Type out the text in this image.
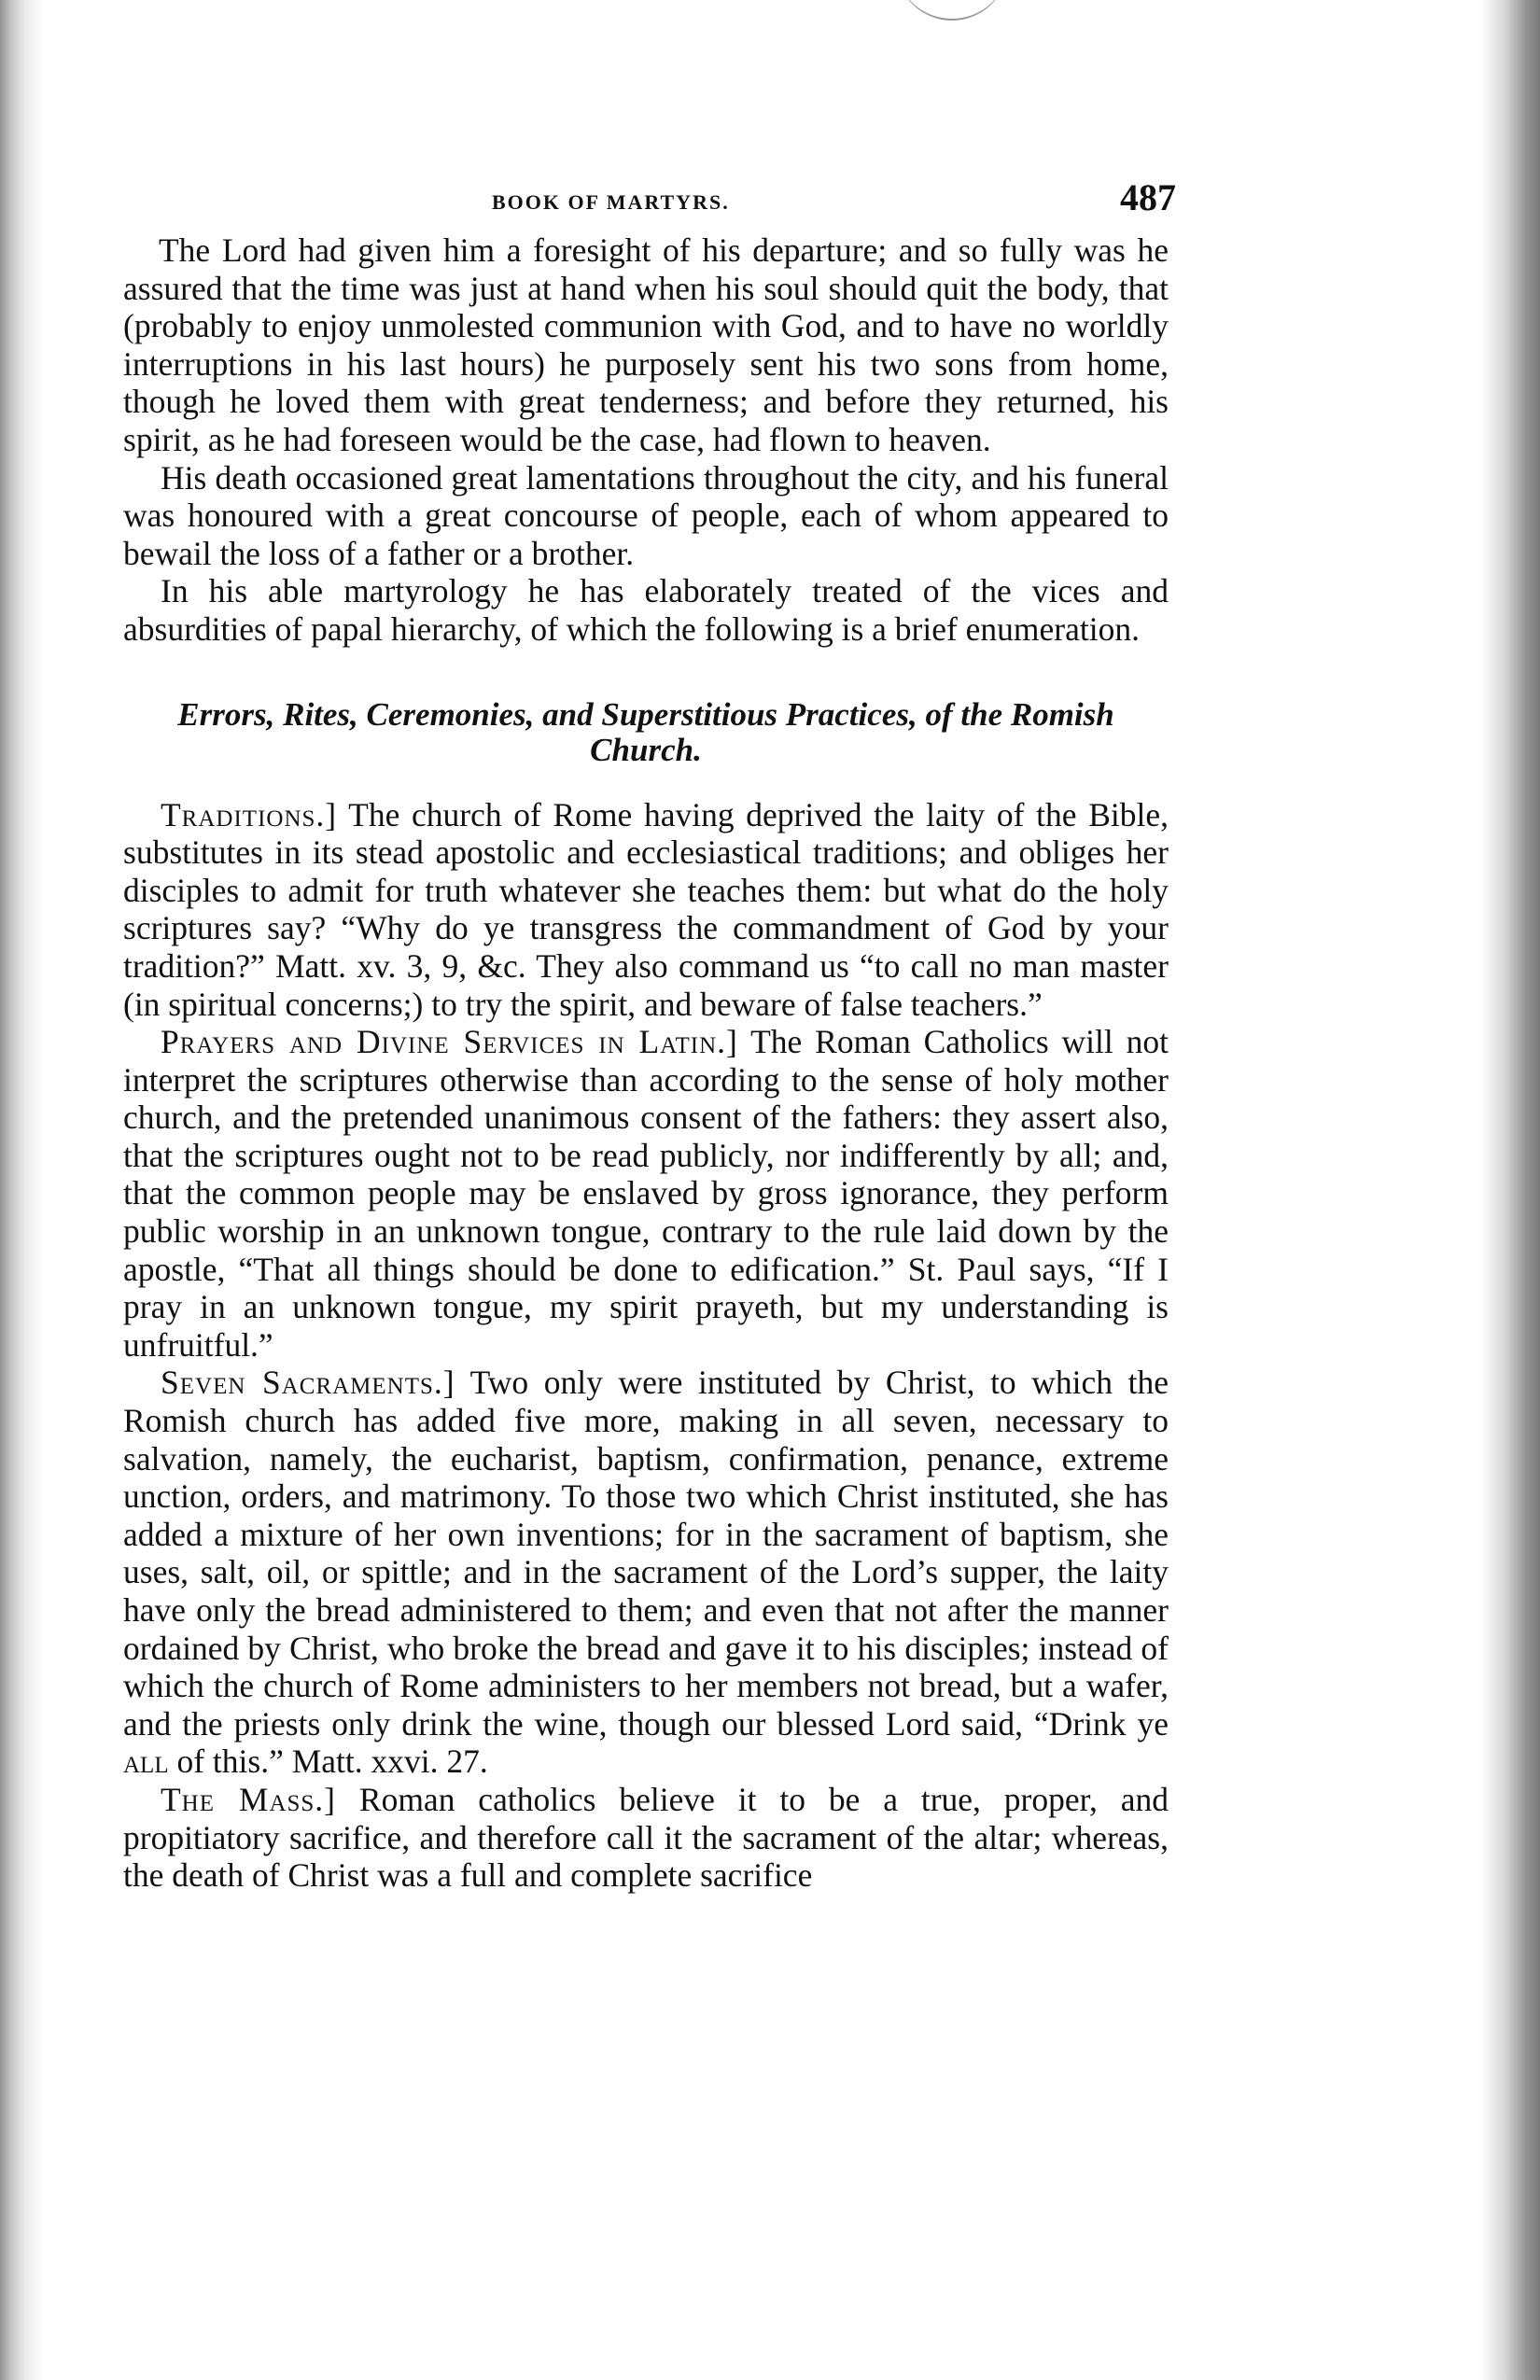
BOOK OF MARTYRS.	487

The Lord had given him a foresight of his departure; and so fully was he assured that the time was just at hand when his soul should quit the body, that (probably to enjoy unmolested communion with God, and to have no worldly interruptions in his last hours) he purposely sent his two sons from home, though he loved them with great tenderness; and before they returned, his spirit, as he had foreseen would be the case, had flown to heaven.

His death occasioned great lamentations throughout the city, and his funeral was honoured with a great concourse of people, each of whom appeared to bewail the loss of a father or a brother.

In his able martyrology he has elaborately treated of the vices and absurdities of papal hierarchy, of which the following is a brief enumeration.

Errors, Rites, Ceremonies, and Superstitious Practices, of the Romish
Church.

Traditions.] The church of Rome having deprived the laity of the Bible, substitutes in its stead apostolic and ecclesiastical traditions; and obliges her disciples to admit for truth whatever she teaches them: but what do the holy scriptures say? “Why do ye transgress the commandment of God by your tradition?” Matt. xv. 3, 9, &c. They also command us “to call no man master (in spiritual concerns;) to try the spirit, and beware of false teachers.”

Prayers and Divine Services in Latin.] The Roman Catholics will not interpret the scriptures otherwise than according to the sense of holy mother church, and the pretended unanimous consent of the fathers: they assert also, that the scriptures ought not to be read publicly, nor indifferently by all; and, that the common people may be enslaved by gross ignorance, they perform public worship in an unknown tongue, contrary to the rule laid down by the apostle, “That all things should be done to edification.” St. Paul says, “If I pray in an unknown tongue, my spirit prayeth, but my understanding is unfruitful.”

Seven Sacraments.] Two only were instituted by Christ, to which the Romish church has added five more, making in all seven, necessary to salvation, namely, the eucharist, baptism, confirmation, penance, extreme unction, orders, and matrimony. To those two which Christ instituted, she has added a mixture of her own inventions; for in the sacrament of baptism, she uses, salt, oil, or spittle; and in the sacrament of the Lord’s supper, the laity have only the bread administered to them; and even that not after the manner ordained by Christ, who broke the bread and gave it to his disciples; instead of which the church of Rome administers to her members not bread, but a wafer, and the priests only drink the wine, though our blessed Lord said, “Drink ye all of this.” Matt. xxvi. 27.

The Mass.] Roman catholics believe it to be a true, proper, and propitiatory sacrifice, and therefore call it the sacrament of the altar; whereas, the death of Christ was a full and complete sacrifice
